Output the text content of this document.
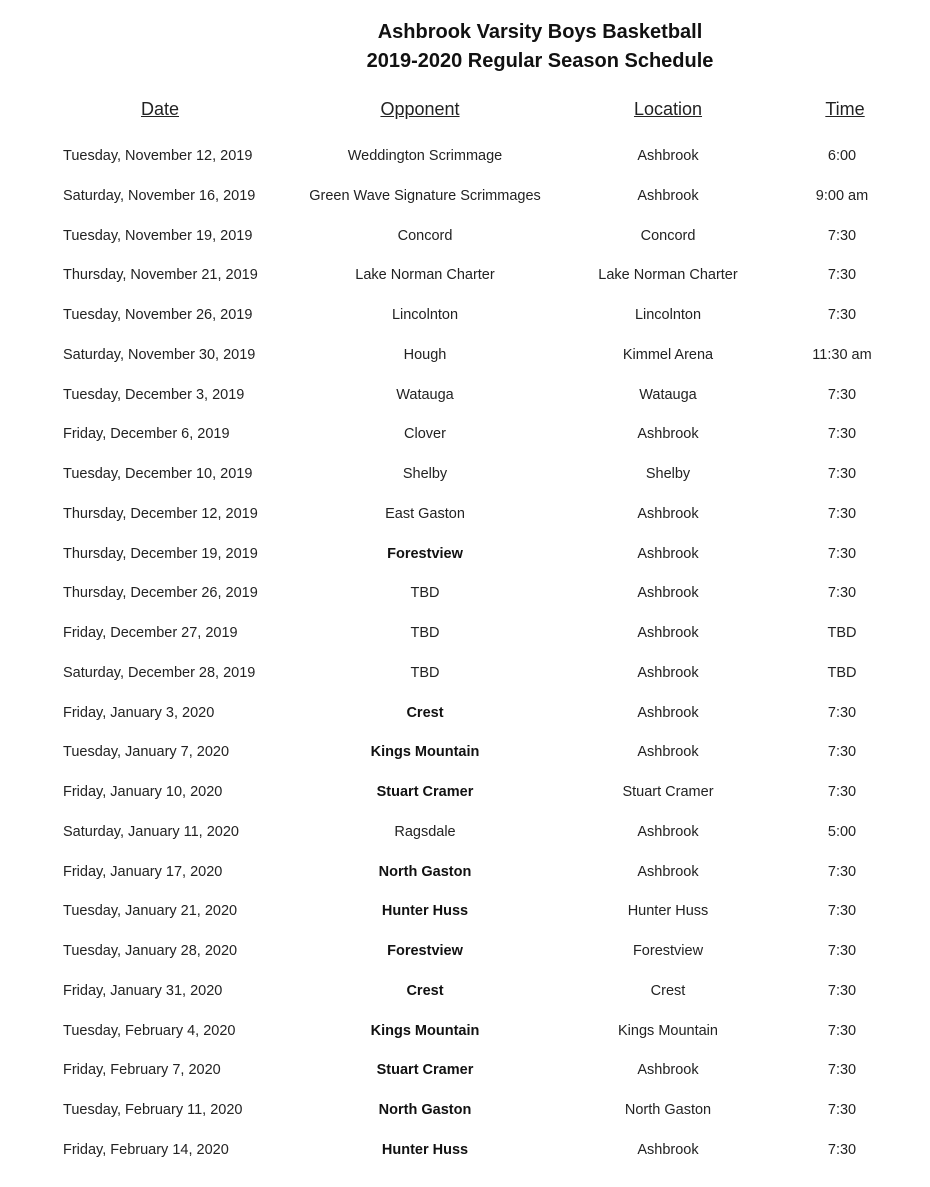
Ashbrook Varsity Boys Basketball
2019-2020 Regular Season Schedule
Date	Opponent	Location	Time
Tuesday, November 12, 2019	Weddington Scrimmage	Ashbrook	6:00
Saturday, November 16, 2019	Green Wave Signature Scrimmages	Ashbrook	9:00 am
Tuesday, November 19, 2019	Concord	Concord	7:30
Thursday, November 21, 2019	Lake Norman Charter	Lake Norman Charter	7:30
Tuesday, November 26, 2019	Lincolnton	Lincolnton	7:30
Saturday, November 30, 2019	Hough	Kimmel Arena	11:30 am
Tuesday, December 3, 2019	Watauga	Watauga	7:30
Friday, December 6, 2019	Clover	Ashbrook	7:30
Tuesday, December 10, 2019	Shelby	Shelby	7:30
Thursday, December 12, 2019	East Gaston	Ashbrook	7:30
Thursday, December 19, 2019	Forestview	Ashbrook	7:30
Thursday, December 26, 2019	TBD	Ashbrook	7:30
Friday, December 27, 2019	TBD	Ashbrook	TBD
Saturday, December 28, 2019	TBD	Ashbrook	TBD
Friday, January 3, 2020	Crest	Ashbrook	7:30
Tuesday, January 7, 2020	Kings Mountain	Ashbrook	7:30
Friday, January 10, 2020	Stuart Cramer	Stuart Cramer	7:30
Saturday, January 11, 2020	Ragsdale	Ashbrook	5:00
Friday, January 17, 2020	North Gaston	Ashbrook	7:30
Tuesday, January 21, 2020	Hunter Huss	Hunter Huss	7:30
Tuesday, January 28, 2020	Forestview	Forestview	7:30
Friday, January 31, 2020	Crest	Crest	7:30
Tuesday, February 4, 2020	Kings Mountain	Kings Mountain	7:30
Friday, February 7, 2020	Stuart Cramer	Ashbrook	7:30
Tuesday, February 11, 2020	North Gaston	North Gaston	7:30
Friday, February 14, 2020	Hunter Huss	Ashbrook	7:30
